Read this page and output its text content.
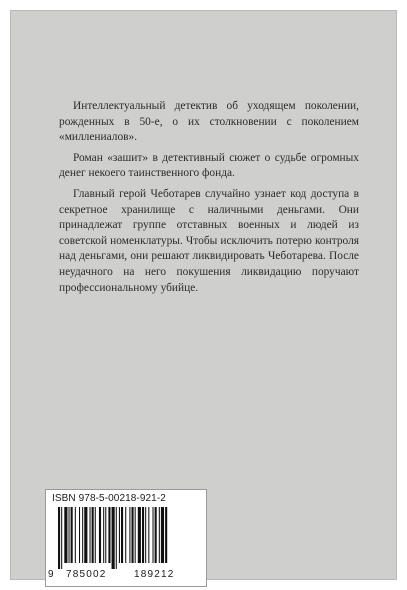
Интеллектуальный детектив об уходящем поколении, рожденных в 50-е, о их столкновении с поколением «миллениалов».

Роман «зашит» в детективный сюжет о судьбе огромных денег некоего таинственного фонда.

Главный герой Чеботарев случайно узнает код доступа в секретное хранилище с наличными деньгами. Они принадлежат группе отставных военных и людей из советской номенклатуры. Чтобы исключить потерю контроля над деньгами, они решают ликвидировать Чеботарева. После неудачного на него покушения ликвидацию поручают профессиональному убийце.

ISBN 978-5-00218-921-2
9 785002	189212
